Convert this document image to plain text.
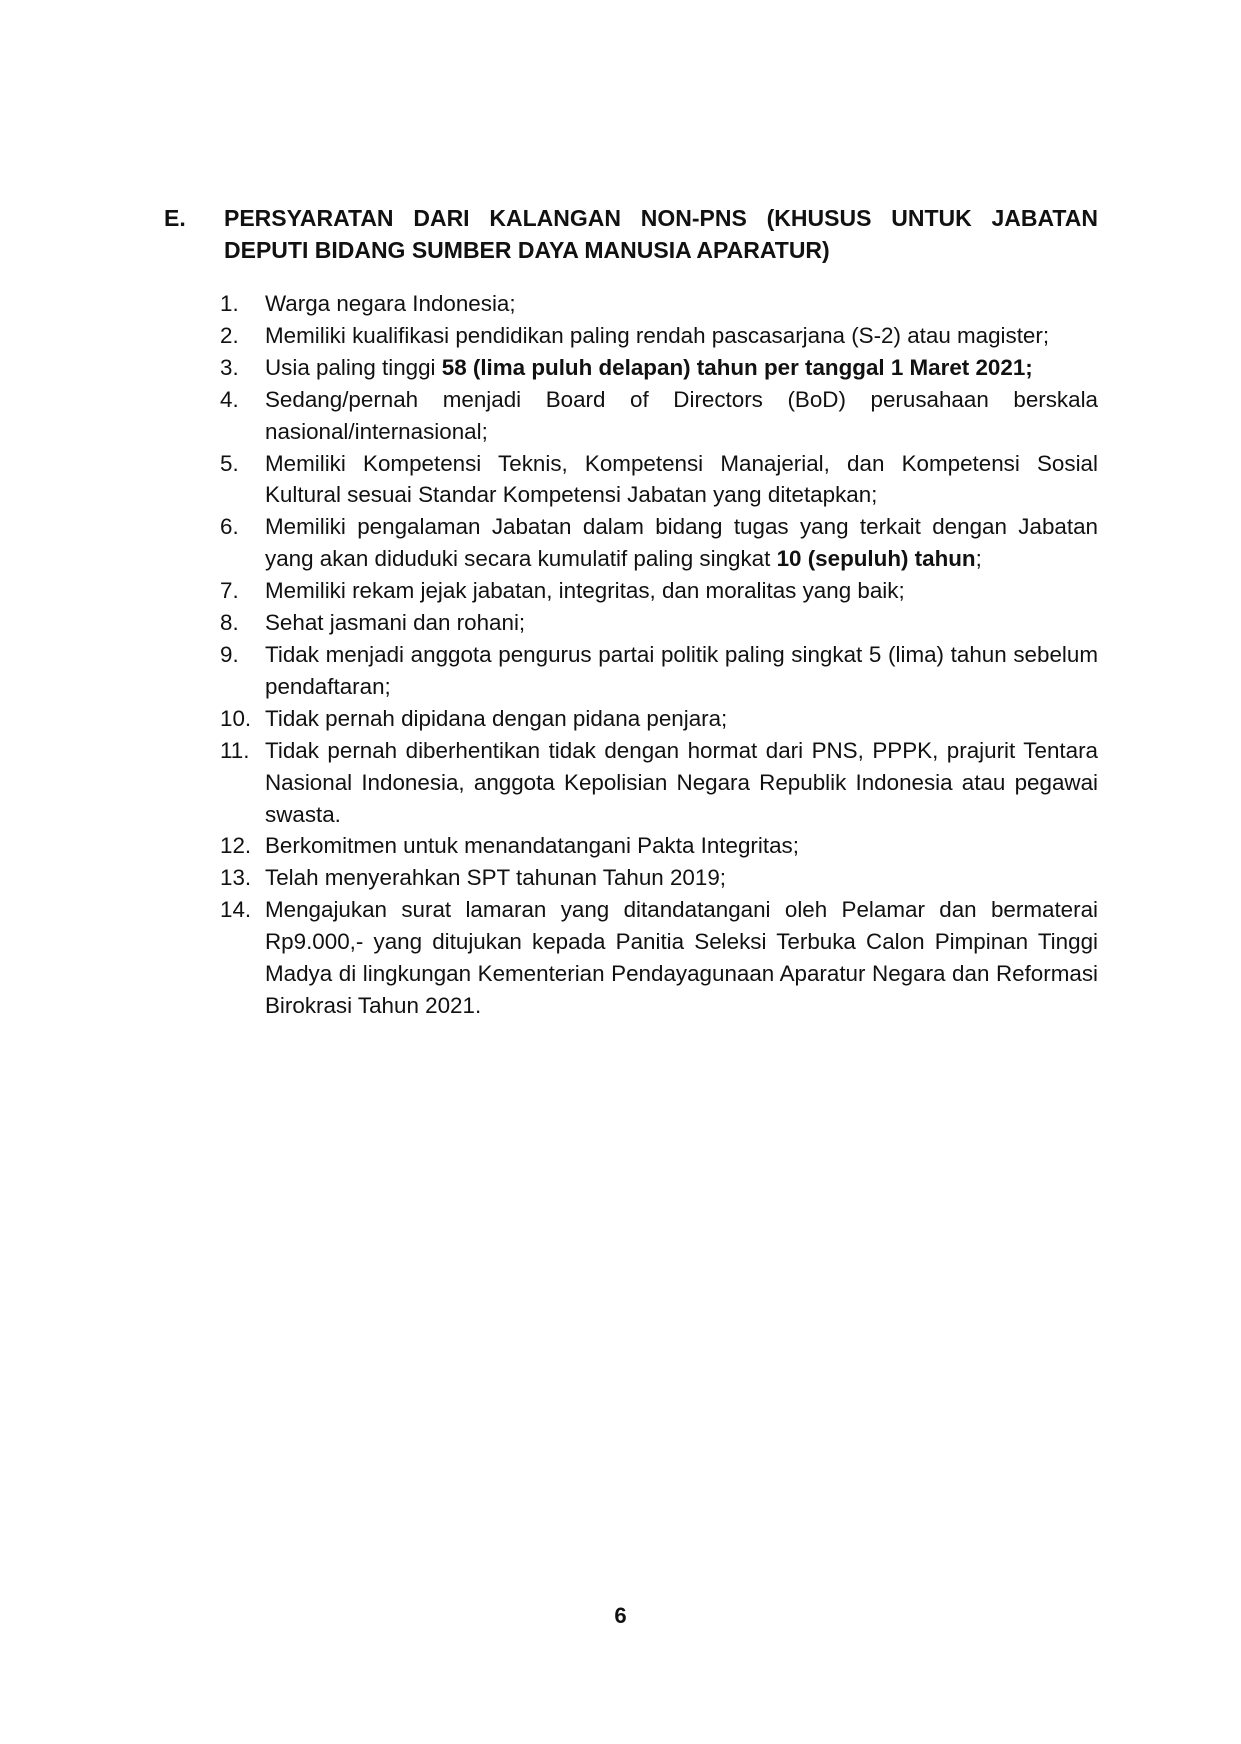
E. PERSYARATAN DARI KALANGAN NON-PNS (KHUSUS UNTUK JABATAN DEPUTI BIDANG SUMBER DAYA MANUSIA APARATUR)
1. Warga negara Indonesia;
2. Memiliki kualifikasi pendidikan paling rendah pascasarjana (S-2) atau magister;
3. Usia paling tinggi 58 (lima puluh delapan) tahun per tanggal 1 Maret 2021;
4. Sedang/pernah menjadi Board of Directors (BoD) perusahaan berskala nasional/internasional;
5. Memiliki Kompetensi Teknis, Kompetensi Manajerial, dan Kompetensi Sosial Kultural sesuai Standar Kompetensi Jabatan yang ditetapkan;
6. Memiliki pengalaman Jabatan dalam bidang tugas yang terkait dengan Jabatan yang akan diduduki secara kumulatif paling singkat 10 (sepuluh) tahun;
7. Memiliki rekam jejak jabatan, integritas, dan moralitas yang baik;
8. Sehat jasmani dan rohani;
9. Tidak menjadi anggota pengurus partai politik paling singkat 5 (lima) tahun sebelum pendaftaran;
10. Tidak pernah dipidana dengan pidana penjara;
11. Tidak pernah diberhentikan tidak dengan hormat dari PNS, PPPK, prajurit Tentara Nasional Indonesia, anggota Kepolisian Negara Republik Indonesia atau pegawai swasta.
12. Berkomitmen untuk menandatangani Pakta Integritas;
13. Telah menyerahkan SPT tahunan Tahun 2019;
14. Mengajukan surat lamaran yang ditandatangani oleh Pelamar dan bermaterai Rp9.000,- yang ditujukan kepada Panitia Seleksi Terbuka Calon Pimpinan Tinggi Madya di lingkungan Kementerian Pendayagunaan Aparatur Negara dan Reformasi Birokrasi Tahun 2021.
6
